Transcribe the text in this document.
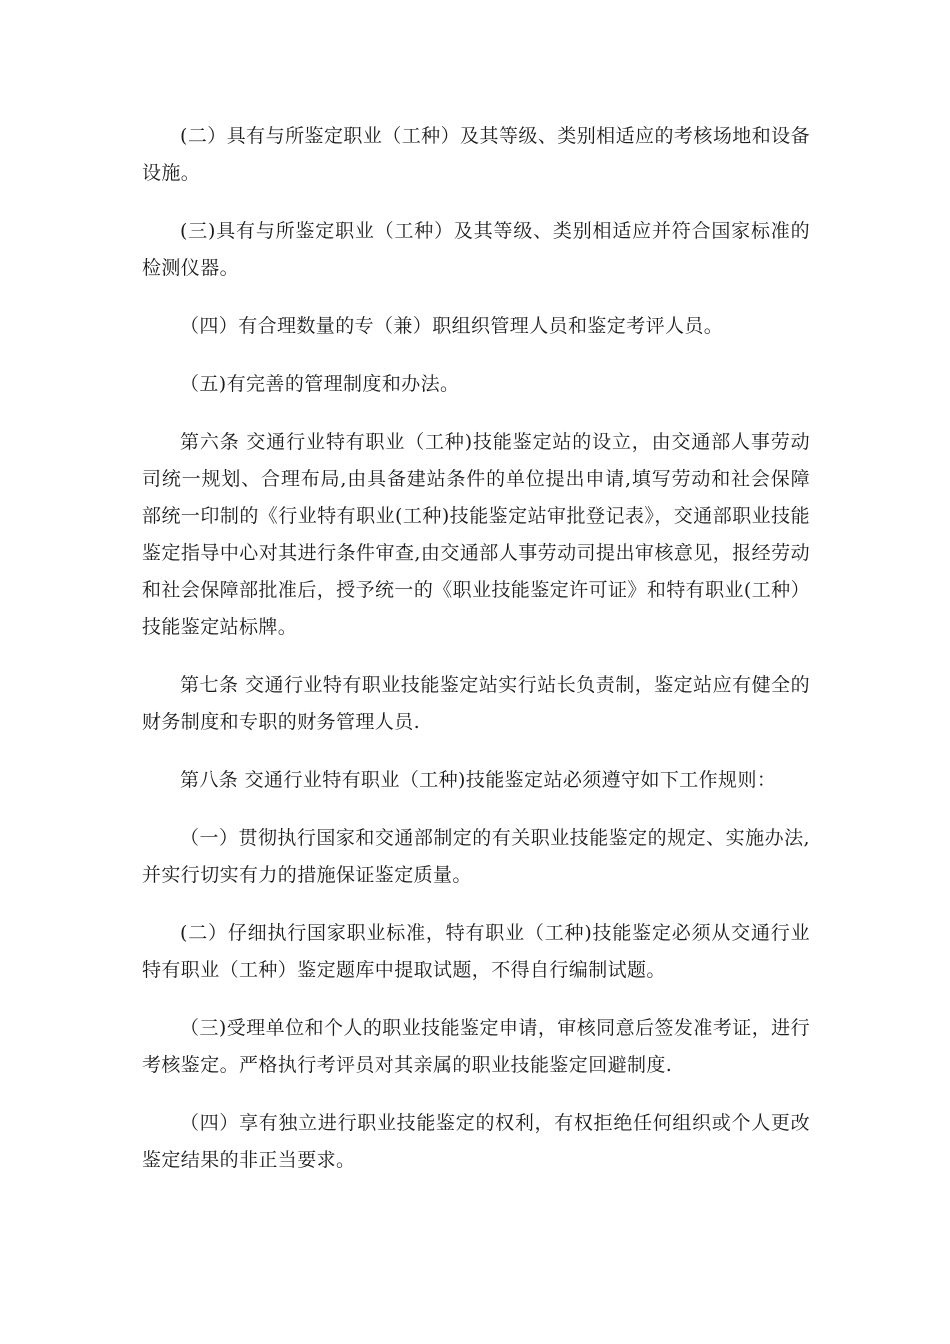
(二）具有与所鉴定职业（工种）及其等级、类别相适应的考核场地和设备设施。

(三)具有与所鉴定职业（工种）及其等级、类别相适应并符合国家标准的检测仪器。

（四）有合理数量的专（兼）职组织管理人员和鉴定考评人员。

（五)有完善的管理制度和办法。

第六条 交通行业特有职业（工种)技能鉴定站的设立，由交通部人事劳动司统一规划、合理布局,由具备建站条件的单位提出申请,填写劳动和社会保障部统一印制的《行业特有职业(工种)技能鉴定站审批登记表》，交通部职业技能鉴定指导中心对其进行条件审查,由交通部人事劳动司提出审核意见，报经劳动和社会保障部批准后，授予统一的《职业技能鉴定许可证》和特有职业(工种）技能鉴定站标牌。

第七条 交通行业特有职业技能鉴定站实行站长负责制，鉴定站应有健全的财务制度和专职的财务管理人员.

第八条 交通行业特有职业（工种)技能鉴定站必须遵守如下工作规则：

（一）贯彻执行国家和交通部制定的有关职业技能鉴定的规定、实施办法,并实行切实有力的措施保证鉴定质量。

(二）仔细执行国家职业标准，特有职业（工种)技能鉴定必须从交通行业特有职业（工种）鉴定题库中提取试题，不得自行编制试题。

（三)受理单位和个人的职业技能鉴定申请，审核同意后签发准考证，进行考核鉴定。严格执行考评员对其亲属的职业技能鉴定回避制度.

（四）享有独立进行职业技能鉴定的权利，有权拒绝任何组织或个人更改鉴定结果的非正当要求。
